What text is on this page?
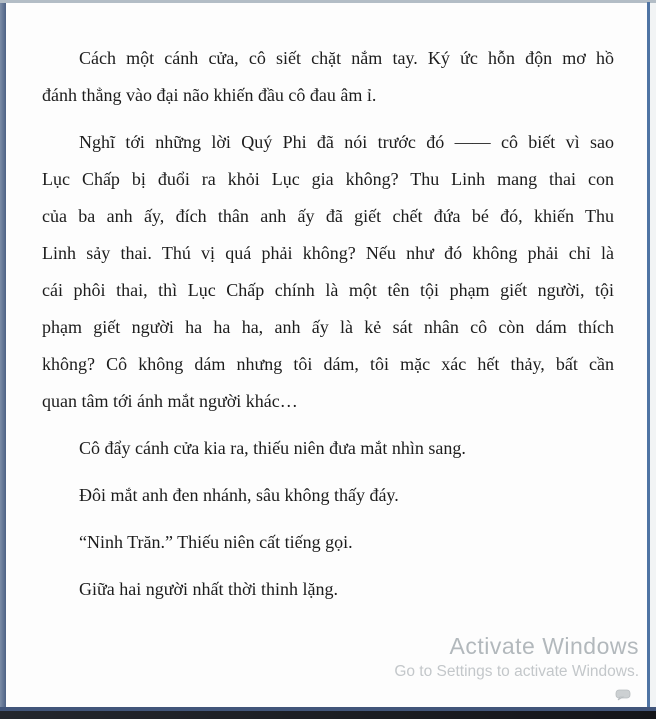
Cách một cánh cửa, cô siết chặt nắm tay. Ký ức hỗn độn mơ hồ
đánh thẳng vào đại não khiến đầu cô đau âm ỉ.

Nghĩ tới những lời Quý Phi đã nói trước đó —— cô biết vì sao
Lục Chấp bị đuổi ra khỏi Lục gia không? Thu Linh mang thai con
của ba anh ấy, đích thân anh ấy đã giết chết đứa bé đó, khiến Thu
Linh sảy thai. Thú vị quá phải không? Nếu như đó không phải chỉ là
cái phôi thai, thì Lục Chấp chính là một tên tội phạm giết người, tội
phạm giết người ha ha ha, anh ấy là kẻ sát nhân cô còn dám thích
không? Cô không dám nhưng tôi dám, tôi mặc xác hết thảy, bất cần
quan tâm tới ánh mắt người khác…

Cô đẩy cánh cửa kia ra, thiếu niên đưa mắt nhìn sang.

Đôi mắt anh đen nhánh, sâu không thấy đáy.

“Ninh Trăn.” Thiếu niên cất tiếng gọi.

Giữa hai người nhất thời thinh lặng.

Activate Windows
Go to Settings to activate Windows.
